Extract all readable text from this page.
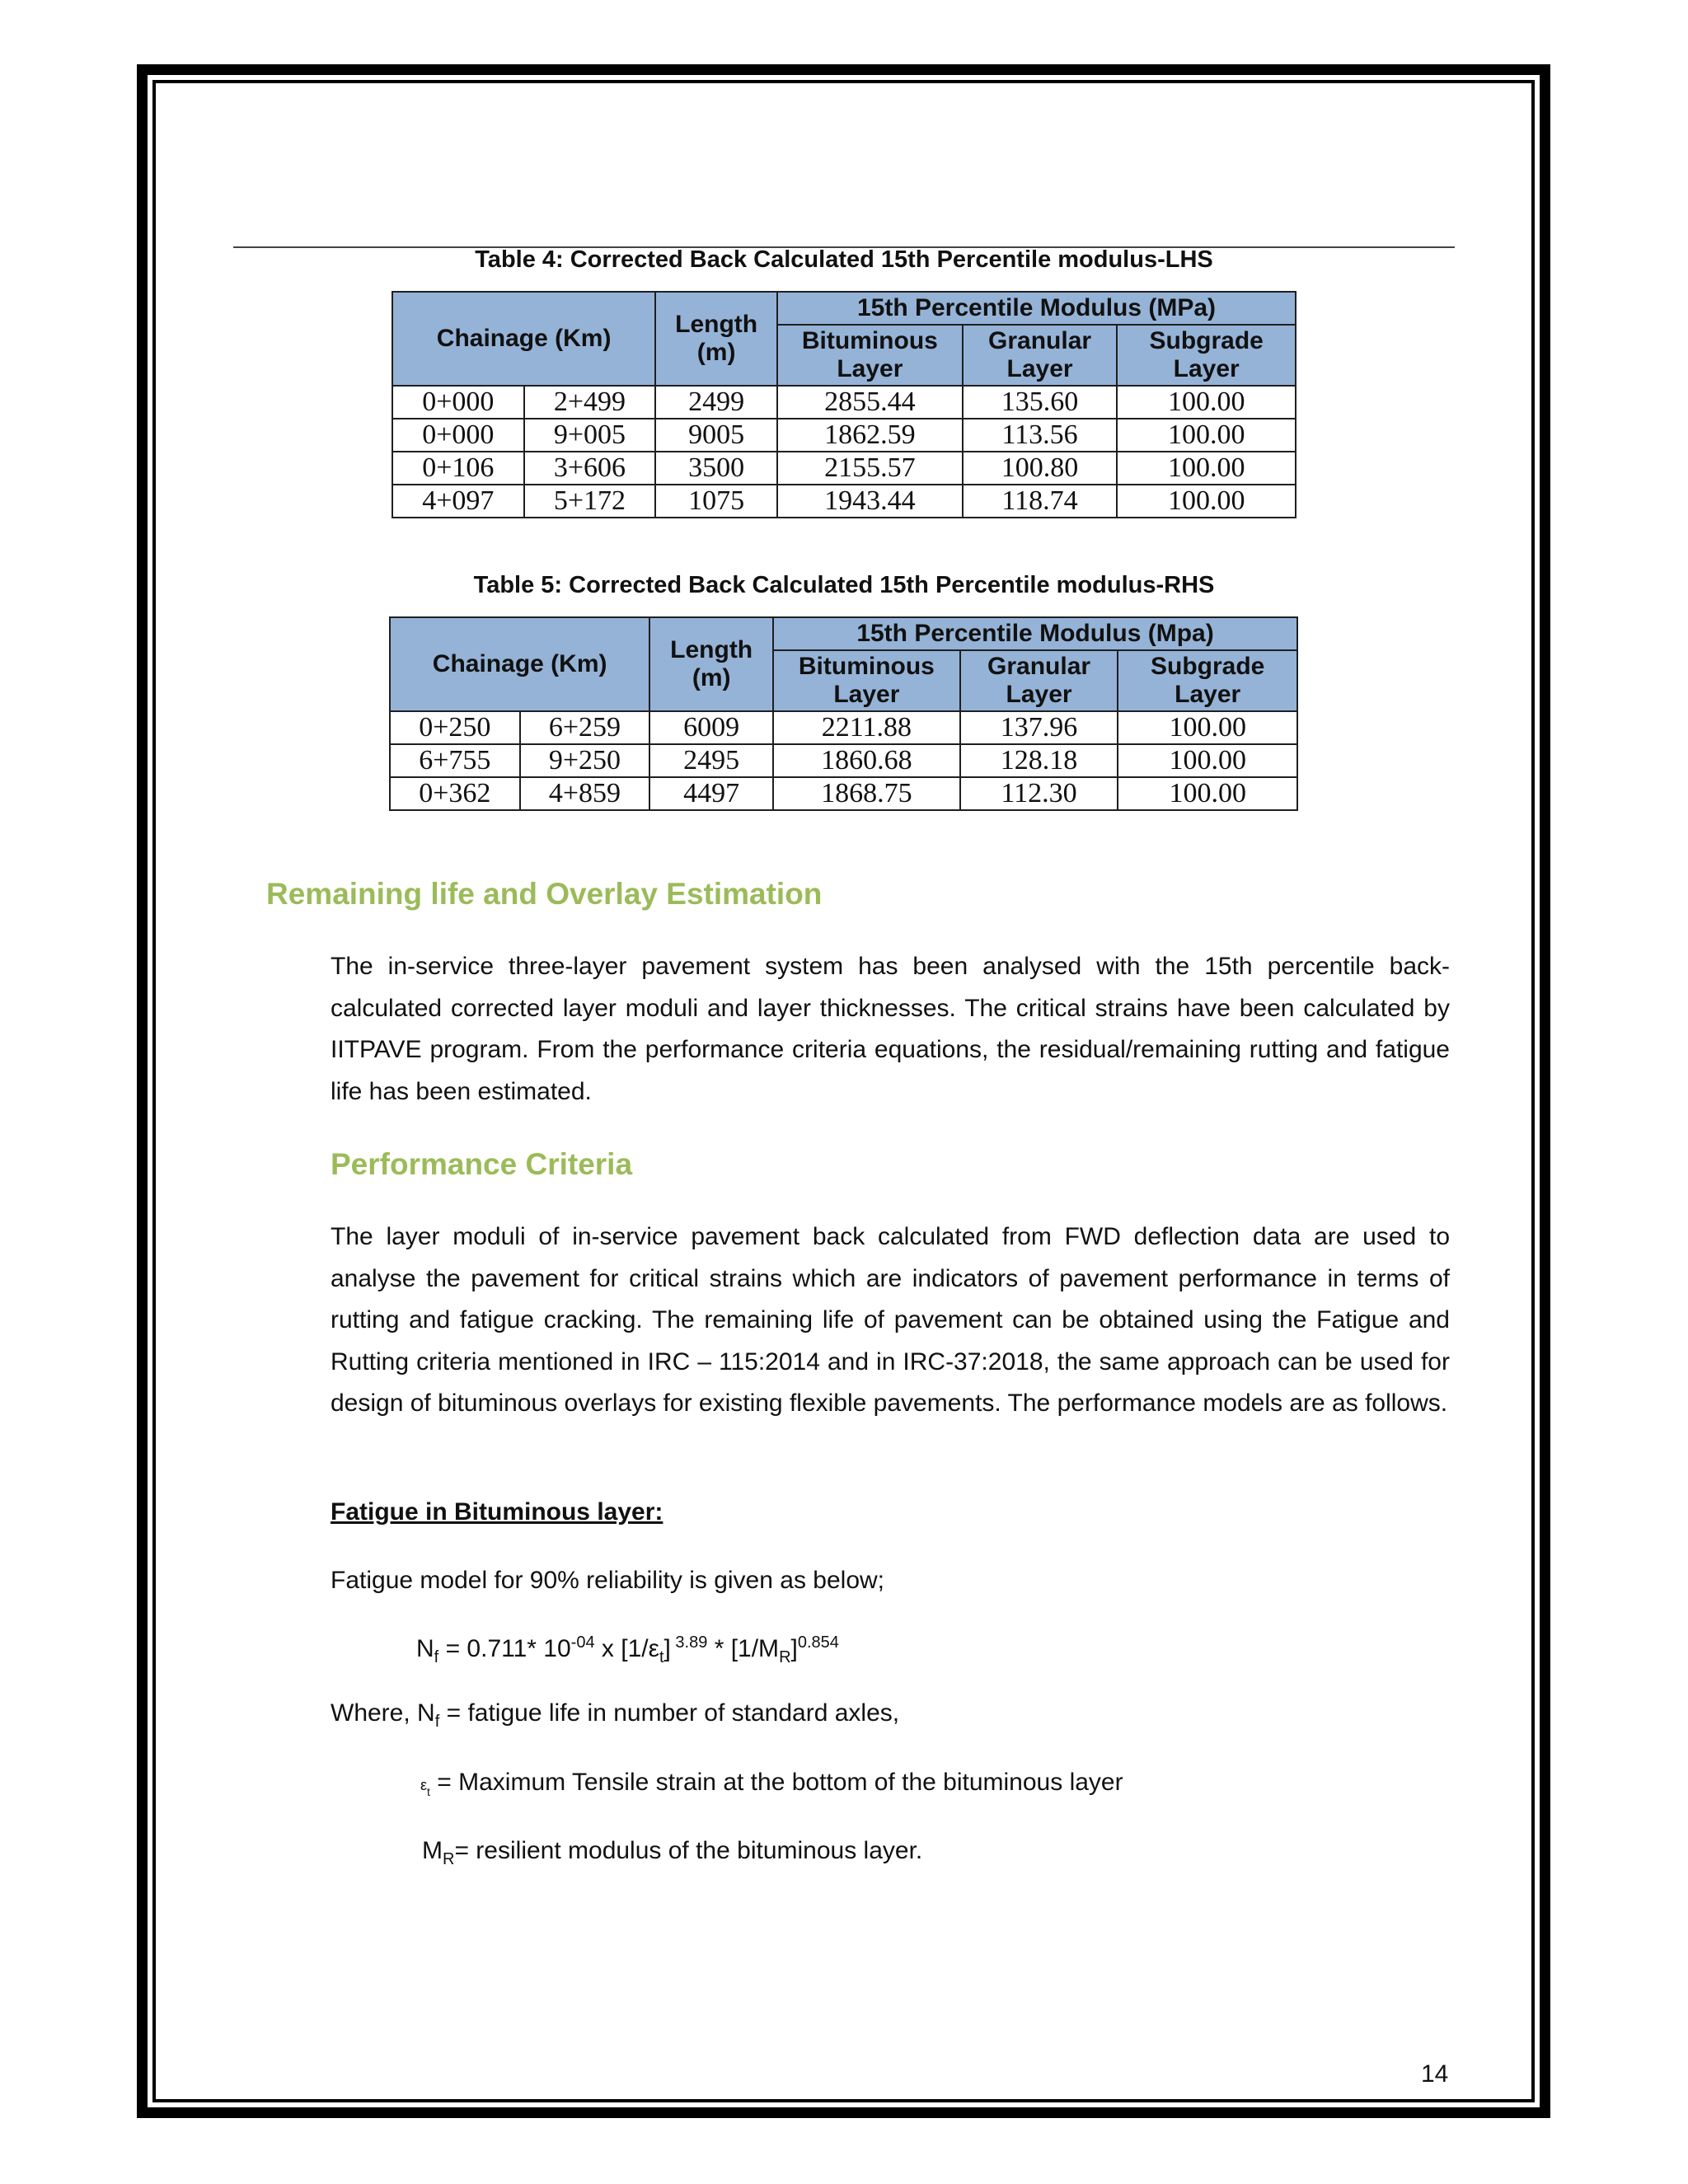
Table 4: Corrected Back Calculated 15th Percentile modulus-LHS
Chainage (Km)		Length (m)	15th Percentile Modulus (MPa)		
			Bituminous Layer	Granular Layer	Subgrade Layer
0+000	2+499	2499	2855.44	135.60	100.00
0+000	9+005	9005	1862.59	113.56	100.00
0+106	3+606	3500	2155.57	100.80	100.00
4+097	5+172	1075	1943.44	118.74	100.00
Table 5: Corrected Back Calculated 15th Percentile modulus-RHS
Chainage (Km)		Length (m)	15th Percentile Modulus (Mpa)		
			Bituminous Layer	Granular Layer	Subgrade Layer
0+250	6+259	6009	2211.88	137.96	100.00
6+755	9+250	2495	1860.68	128.18	100.00
0+362	4+859	4497	1868.75	112.30	100.00
Remaining life and Overlay Estimation

The in-service three-layer pavement system has been analysed with the 15th percentile back-calculated corrected layer moduli and layer thicknesses. The critical strains have been calculated by IITPAVE program. From the performance criteria equations, the residual/remaining rutting and fatigue life has been estimated.

Performance Criteria

The layer moduli of in-service pavement back calculated from FWD deflection data are used to analyse the pavement for critical strains which are indicators of pavement performance in terms of rutting and fatigue cracking. The remaining life of pavement can be obtained using the Fatigue and Rutting criteria mentioned in IRC – 115:2014 and in IRC-37:2018, the same approach can be used for design of bituminous overlays for existing flexible pavements. The performance models are as follows.

Fatigue in Bituminous layer:
Fatigue model for 90% reliability is given as below;
$N_f = 0.711*$ $10^{-04}$ x $[1/\varepsilon_t]$ $^{3.89} * [1/M_R]^{0.854}$
Where, $N_f$ = fatigue life in number of standard axles,
$\varepsilon_t$ = Maximum Tensile strain at the bottom of the bituminous layer
$M_R=$ resilient modulus of the bituminous layer.
14
